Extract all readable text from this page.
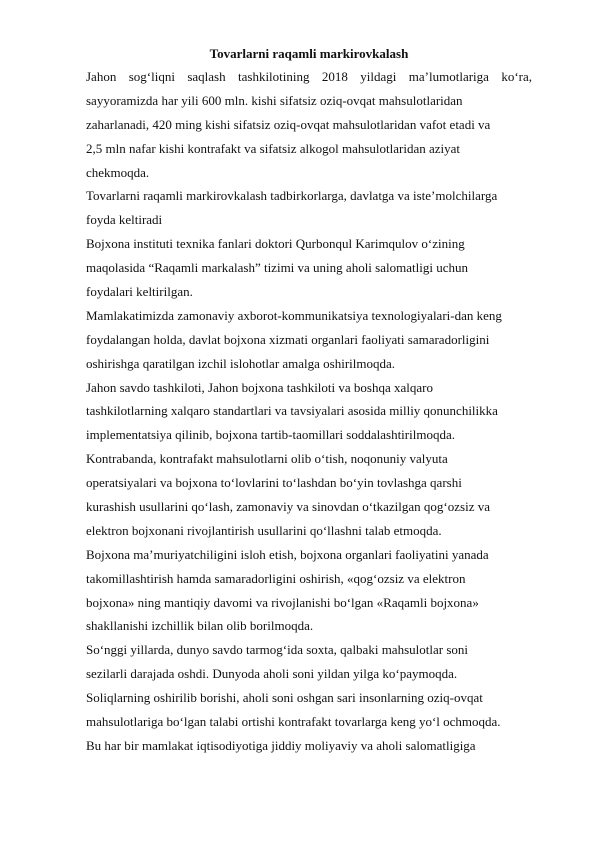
Tovarlarni raqamli markirovkalash

Jahon sog‘liqni saqlash tashkilotining 2018 yildagi ma’lumotlariga ko‘ra,

sayyoramizda har yili 600 mln. kishi sifatsiz oziq-ovqat mahsulotlaridan

zaharlanadi, 420 ming kishi sifatsiz oziq-ovqat mahsulotlaridan vafot etadi va

2,5 mln nafar kishi kontrafakt va sifatsiz alkogol mahsulotlaridan aziyat

chekmoqda.

Tovarlarni raqamli markirovkalash tadbirkorlarga, davlatga va iste’molchilarga

foyda keltiradi

Bojxona instituti texnika fanlari doktori Qurbonqul Karimqulov o‘zining

maqolasida “Raqamli markalash” tizimi va uning aholi salomatligi uchun

foydalari keltirilgan.

Mamlakatimizda zamonaviy axborot-kommunikatsiya texnologiyalari-dan keng

foydalangan holda, davlat bojxona xizmati organlari faoliyati samaradorligini

oshirishga qaratilgan izchil islohotlar amalga oshirilmoqda.

Jahon savdo tashkiloti, Jahon bojxona tashkiloti va boshqa xalqaro

tashkilotlarning xalqaro standartlari va tavsiyalari asosida milliy qonunchilikka

implementatsiya qilinib, bojxona tartib-taomillari soddalashtirilmoqda.

Kontrabanda, kontrafakt mahsulotlarni olib o‘tish, noqonuniy valyuta

operatsiyalari va bojxona to‘lovlarini to‘lashdan bo‘yin tovlashga qarshi

kurashish usullarini qo‘lash, zamonaviy va sinovdan o‘tkazilgan qog‘ozsiz va

elektron bojxonani rivojlantirish usullarini qo‘llashni talab etmoqda.

Bojxona ma’muriyatchiligini isloh etish, bojxona organlari faoliyatini yanada

takomillashtirish hamda samaradorligini oshirish, «qog‘ozsiz va elektron

bojxona» ning mantiqiy davomi va rivojlanishi bo‘lgan «Raqamli bojxona»

shakllanishi izchillik bilan olib borilmoqda.

So‘nggi yillarda, dunyo savdo tarmog‘ida soxta, qalbaki mahsulotlar soni

sezilarli darajada oshdi. Dunyoda aholi soni yildan yilga ko‘paymoqda.

Soliqlarning oshirilib borishi, aholi soni oshgan sari insonlarning oziq-ovqat

mahsulotlariga bo‘lgan talabi ortishi kontrafakt tovarlarga keng yo‘l ochmoqda.

Bu har bir mamlakat iqtisodiyotiga jiddiy moliyaviy va aholi salomatligiga
